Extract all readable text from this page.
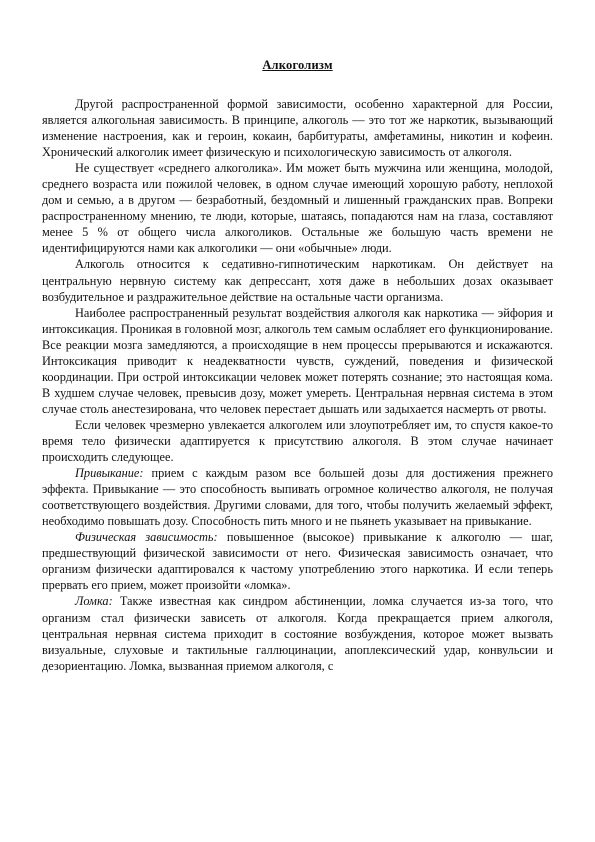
Алкоголизм

Другой распространенной формой зависимости, особенно характерной для России, является алкогольная зависимость. В принципе, алкоголь — это тот же наркотик, вызывающий изменение настроения, как и героин, кокаин, барбитураты, амфетамины, никотин и кофеин. Хронический алкоголик имеет физическую и психологическую зависимость от алкоголя.

Не существует «среднего алкоголика». Им может быть мужчина или женщина, молодой, среднего возраста или пожилой человек, в одном случае имеющий хорошую работу, неплохой дом и семью, а в другом — безработный, бездомный и лишенный гражданских прав. Вопреки распространенному мнению, те люди, которые, шатаясь, попадаются нам на глаза, составляют менее 5 % от общего числа алкоголиков. Остальные же большую часть времени не идентифицируются нами как алкоголики — они «обычные» люди.

Алкоголь относится к седативно-гипнотическим наркотикам. Он действует на центральную нервную систему как депрессант, хотя даже в небольших дозах оказывает возбудительное и раздражительное действие на остальные части организма.

Наиболее распространенный результат воздействия алкоголя как наркотика — эйфория и интоксикация. Проникая в головной мозг, алкоголь тем самым ослабляет его функционирование. Все реакции мозга замедляются, а происходящие в нем процессы прерываются и искажаются. Интоксикация приводит к неадекватности чувств, суждений, поведения и физической координации. При острой интоксикации человек может потерять сознание; это настоящая кома. В худшем случае человек, превысив дозу, может умереть. Центральная нервная система в этом случае столь анестезирована, что человек перестает дышать или задыхается насмерть от рвоты.

Если человек чрезмерно увлекается алкоголем или злоупотребляет им, то спустя какое-то время тело физически адаптируется к присутствию алкоголя. В этом случае начинает происходить следующее.

Привыкание: прием с каждым разом все большей дозы для достижения прежнего эффекта. Привыкание — это способность выпивать огромное количество алкоголя, не получая соответствующего воздействия. Другими словами, для того, чтобы получить желаемый эффект, необходимо повышать дозу. Способность пить много и не пьянеть указывает на привыкание.

Физическая зависимость: повышенное (высокое) привыкание к алкоголю — шаг, предшествующий физической зависимости от него. Физическая зависимость означает, что организм физически адаптировался к частому употреблению этого наркотика. И если теперь прервать его прием, может произойти «ломка».

Ломка: Также известная как синдром абстиненции, ломка случается из-за того, что организм стал физически зависеть от алкоголя. Когда прекращается прием алкоголя, центральная нервная система приходит в состояние возбуждения, которое может вызвать визуальные, слуховые и тактильные галлюцинации, апоплексический удар, конвульсии и дезориентацию. Ломка, вызванная приемом алкоголя, с
